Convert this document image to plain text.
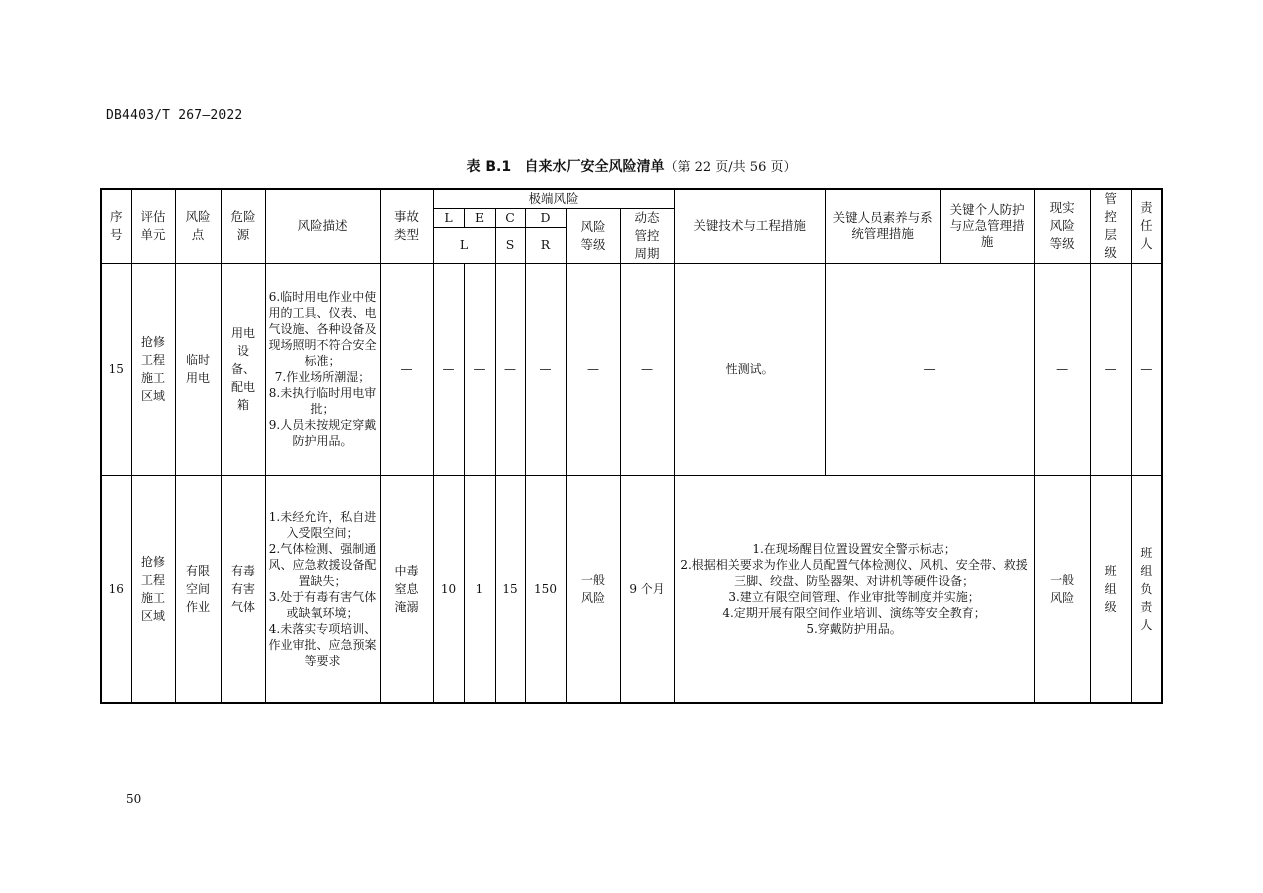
DB4403/T 267—2022
表 B.1 自来水厂安全风险清单（第 22 页/共 56 页）
序号	评估单元	风险点	危险源	风险描述	事故类型	极端风险						关键技术与工程措施	关键人员素养与系统管理措施	关键个人防护与应急管理措施	现实风险等级	管控层级	责任人
						L	E	C	D	风险等级	动态管控周期						
						L		S	R								
15	抢修工程施工区域	临时用电	用电设备、配电箱	6.临时用电作业中使用的工具、仪表、电气设施、各种设备及现场照明不符合安全标准；
7.作业场所潮湿；
8.未执行临时用电审批；
9.人员未按规定穿戴防护用品。	—	—	—	—	—	—	—	性测试。	—		—	—	—
16	抢修工程施工区域	有限空间作业	有毒有害气体	1.未经允许，私自进入受限空间；
2.气体检测、强制通风、应急救援设备配置缺失；
3.处于有毒有害气体或缺氧环境；
4.未落实专项培训、作业审批、应急预案等要求	中毒窒息淹溺	10	1	15	150	一般风险	9 个月	1.在现场醒目位置设置安全警示标志；
2.根据相关要求为作业人员配置气体检测仪、风机、安全带、救援三脚、绞盘、防坠器架、对讲机等硬件设备；
3.建立有限空间管理、作业审批等制度并实施；
4.定期开展有限空间作业培训、演练等安全教育；
5.穿戴防护用品。			一般风险	班组级	班组负责人
50
